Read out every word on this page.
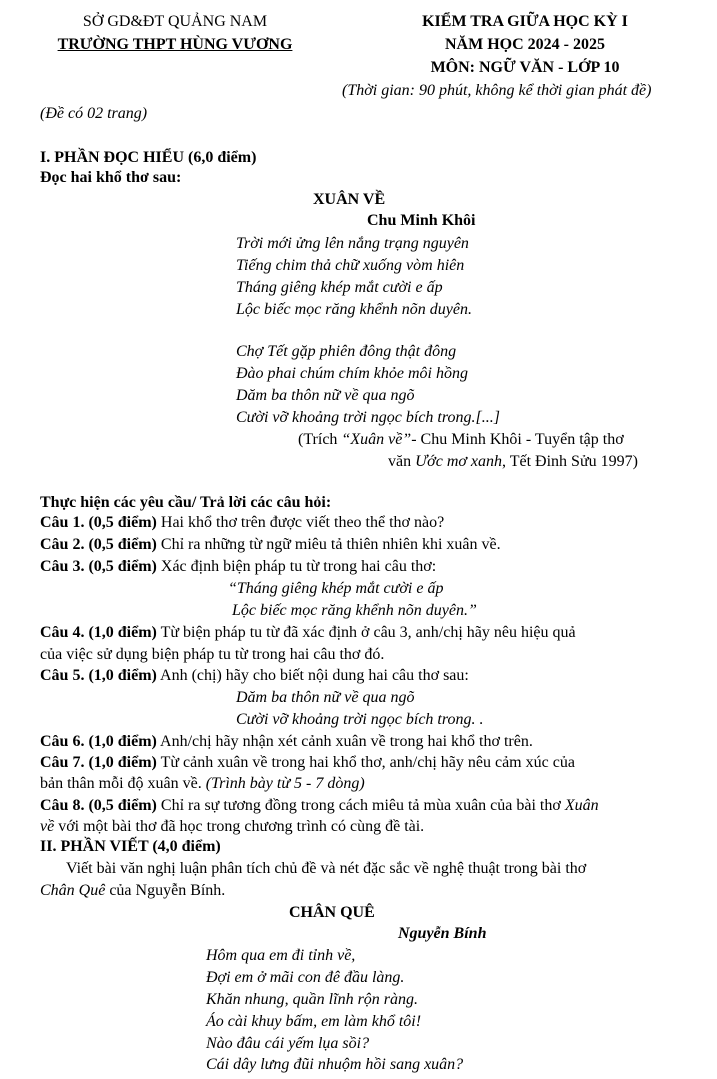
SỞ GD&ĐT QUẢNG NAM
TRƯỜNG THPT HÙNG VƯƠNG
KIỂM TRA GIỮA HỌC KỲ I
NĂM HỌC 2024 - 2025
MÔN: NGỮ VĂN - LỚP 10
(Thời gian: 90 phút, không kể thời gian phát đề)
(Đề có 02 trang)
I. PHẦN ĐỌC HIỂU (6,0 điểm)
Đọc hai khổ thơ sau:
XUÂN VỀ
Chu Minh Khôi
Trời mới ửng lên nắng trạng nguyên
Tiếng chim thả chữ xuống vòm hiên
Tháng giêng khép mắt cười e ấp
Lộc biếc mọc răng khểnh nõn duyên.
Chợ Tết gặp phiên đông thật đông
Đào phai chúm chím khỏe môi hồng
Dăm ba thôn nữ về qua ngõ
Cười vỡ khoảng trời ngọc bích trong.[...]
(Trích “Xuân về”- Chu Minh Khôi - Tuyển tập thơ
văn Ước mơ xanh, Tết Đinh Sửu 1997)
Thực hiện các yêu cầu/ Trả lời các câu hỏi:
Câu 1. (0,5 điểm) Hai khổ thơ trên được viết theo thể thơ nào?
Câu 2. (0,5 điểm) Chỉ ra những từ ngữ miêu tả thiên nhiên khi xuân về.
Câu 3. (0,5 điểm) Xác định biện pháp tu từ trong hai câu thơ:
“Tháng giêng khép mắt cười e ấp
Lộc biếc mọc răng khểnh nõn duyên.”
Câu 4. (1,0 điểm) Từ biện pháp tu từ đã xác định ở câu 3, anh/chị hãy nêu hiệu quả
của việc sử dụng biện pháp tu từ trong hai câu thơ đó.
Câu 5. (1,0 điểm) Anh (chị) hãy cho biết nội dung hai câu thơ sau:
Dăm ba thôn nữ về qua ngõ
Cười vỡ khoảng trời ngọc bích trong. .
Câu 6. (1,0 điểm) Anh/chị hãy nhận xét cảnh xuân về trong hai khổ thơ trên.
Câu 7. (1,0 điểm) Từ cảnh xuân về trong hai khổ thơ, anh/chị hãy nêu cảm xúc của
bản thân mỗi độ xuân về. (Trình bày từ 5 - 7 dòng)
Câu 8. (0,5 điểm) Chỉ ra sự tương đồng trong cách miêu tả mùa xuân của bài thơ Xuân
về với một bài thơ đã học trong chương trình có cùng đề tài.
II. PHẦN VIẾT (4,0 điểm)
Viết bài văn nghị luận phân tích chủ đề và nét đặc sắc về nghệ thuật trong bài thơ
Chân Quê của Nguyễn Bính.
CHÂN QUÊ
Nguyễn Bính
Hôm qua em đi tỉnh về,
Đợi em ở mãi con đê đầu làng.
Khăn nhung, quần lĩnh rộn ràng.
Áo cài khuy bấm, em làm khổ tôi!
Nào đâu cái yếm lụa sồi?
Cái dây lưng đũi nhuộm hồi sang xuân?
